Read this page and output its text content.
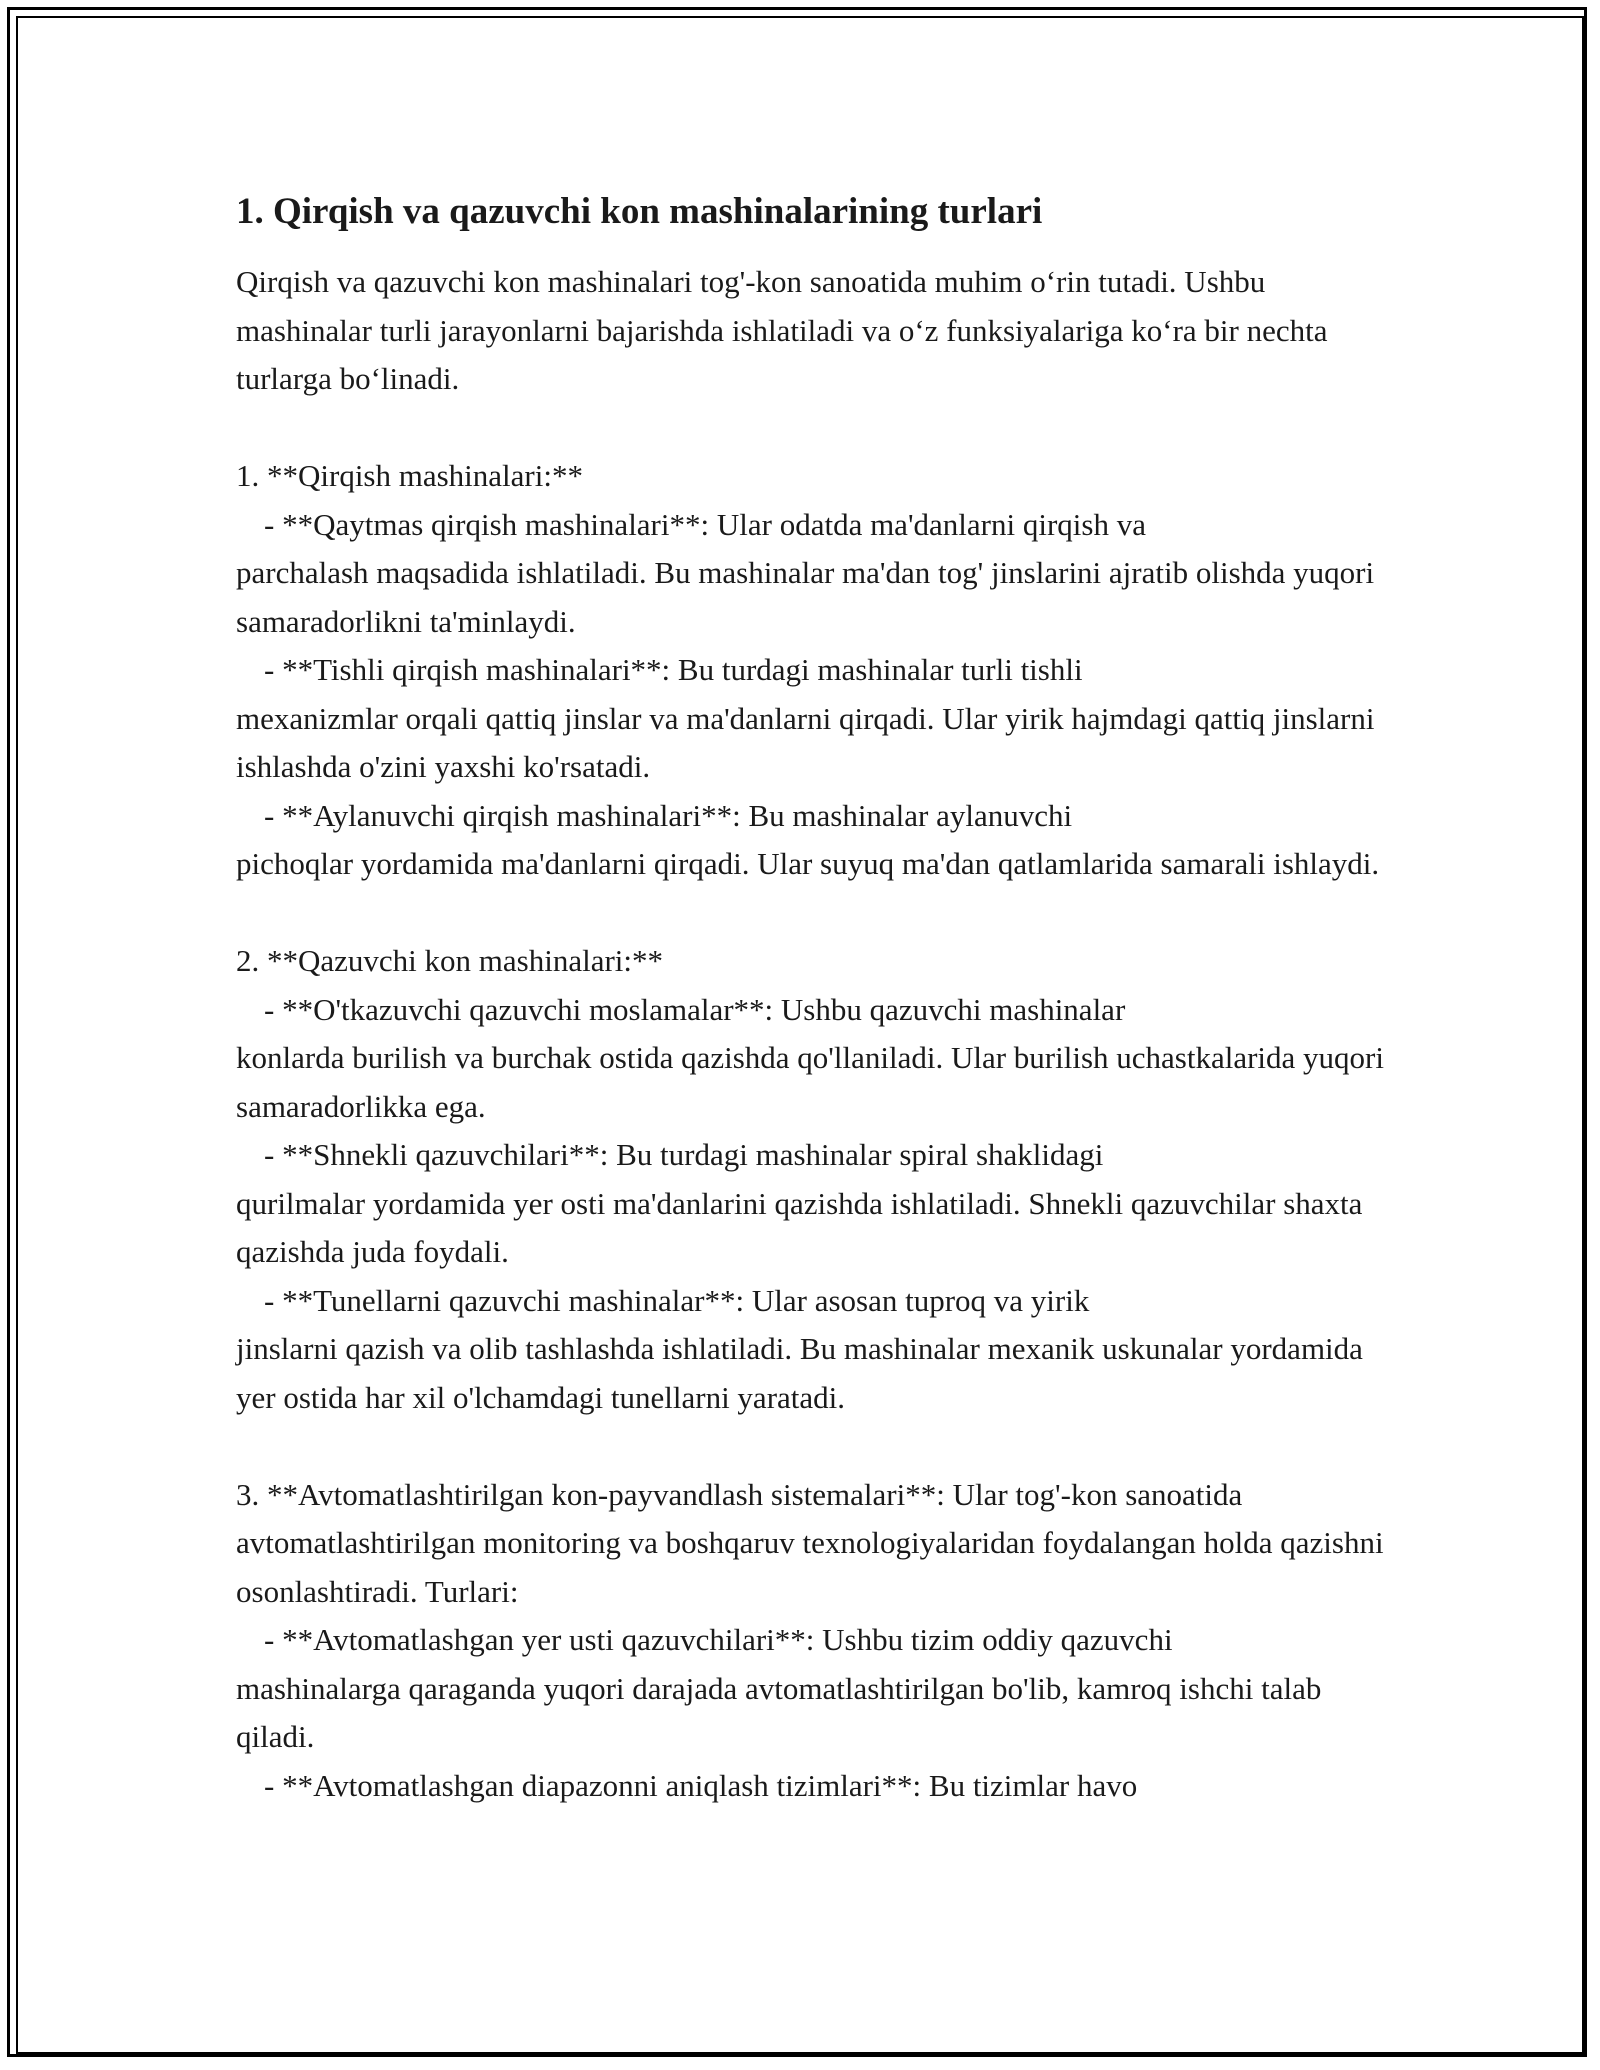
1. Qirqish va qazuvchi kon mashinalarining turlari

Qirqish va qazuvchi kon mashinalari tog'-kon sanoatida muhim oʻrin tutadi. Ushbu mashinalar turli jarayonlarni bajarishda ishlatiladi va oʻz funksiyalariga koʻra bir nechta turlarga boʻlinadi.

1. **Qirqish mashinalari:**

- **Qaytmas qirqish mashinalari**: Ular odatda ma'danlarni qirqish va

parchalash maqsadida ishlatiladi. Bu mashinalar ma'dan tog' jinslarini ajratib olishda yuqori samaradorlikni ta'minlaydi.

- **Tishli qirqish mashinalari**: Bu turdagi mashinalar turli tishli

mexanizmlar orqali qattiq jinslar va ma'danlarni qirqadi. Ular yirik hajmdagi qattiq jinslarni ishlashda o'zini yaxshi ko'rsatadi.

- **Aylanuvchi qirqish mashinalari**: Bu mashinalar aylanuvchi

pichoqlar yordamida ma'danlarni qirqadi. Ular suyuq ma'dan qatlamlarida samarali ishlaydi.

2. **Qazuvchi kon mashinalari:**

- **O'tkazuvchi qazuvchi moslamalar**: Ushbu qazuvchi mashinalar

konlarda burilish va burchak ostida qazishda qo'llaniladi. Ular burilish uchastkalarida yuqori samaradorlikka ega.

- **Shnekli qazuvchilari**: Bu turdagi mashinalar spiral shaklidagi

qurilmalar yordamida yer osti ma'danlarini qazishda ishlatiladi. Shnekli qazuvchilar shaxta qazishda juda foydali.

- **Tunellarni qazuvchi mashinalar**: Ular asosan tuproq va yirik

jinslarni qazish va olib tashlashda ishlatiladi. Bu mashinalar mexanik uskunalar yordamida yer ostida har xil o'lchamdagi tunellarni yaratadi.

3. **Avtomatlashtirilgan kon-payvandlash sistemalari**: Ular tog'-kon sanoatida avtomatlashtirilgan monitoring va boshqaruv texnologiyalaridan foydalangan holda qazishni osonlashtiradi. Turlari:

- **Avtomatlashgan yer usti qazuvchilari**: Ushbu tizim oddiy qazuvchi

mashinalarga qaraganda yuqori darajada avtomatlashtirilgan bo'lib, kamroq ishchi talab qiladi.

- **Avtomatlashgan diapazonni aniqlash tizimlari**: Bu tizimlar havo
